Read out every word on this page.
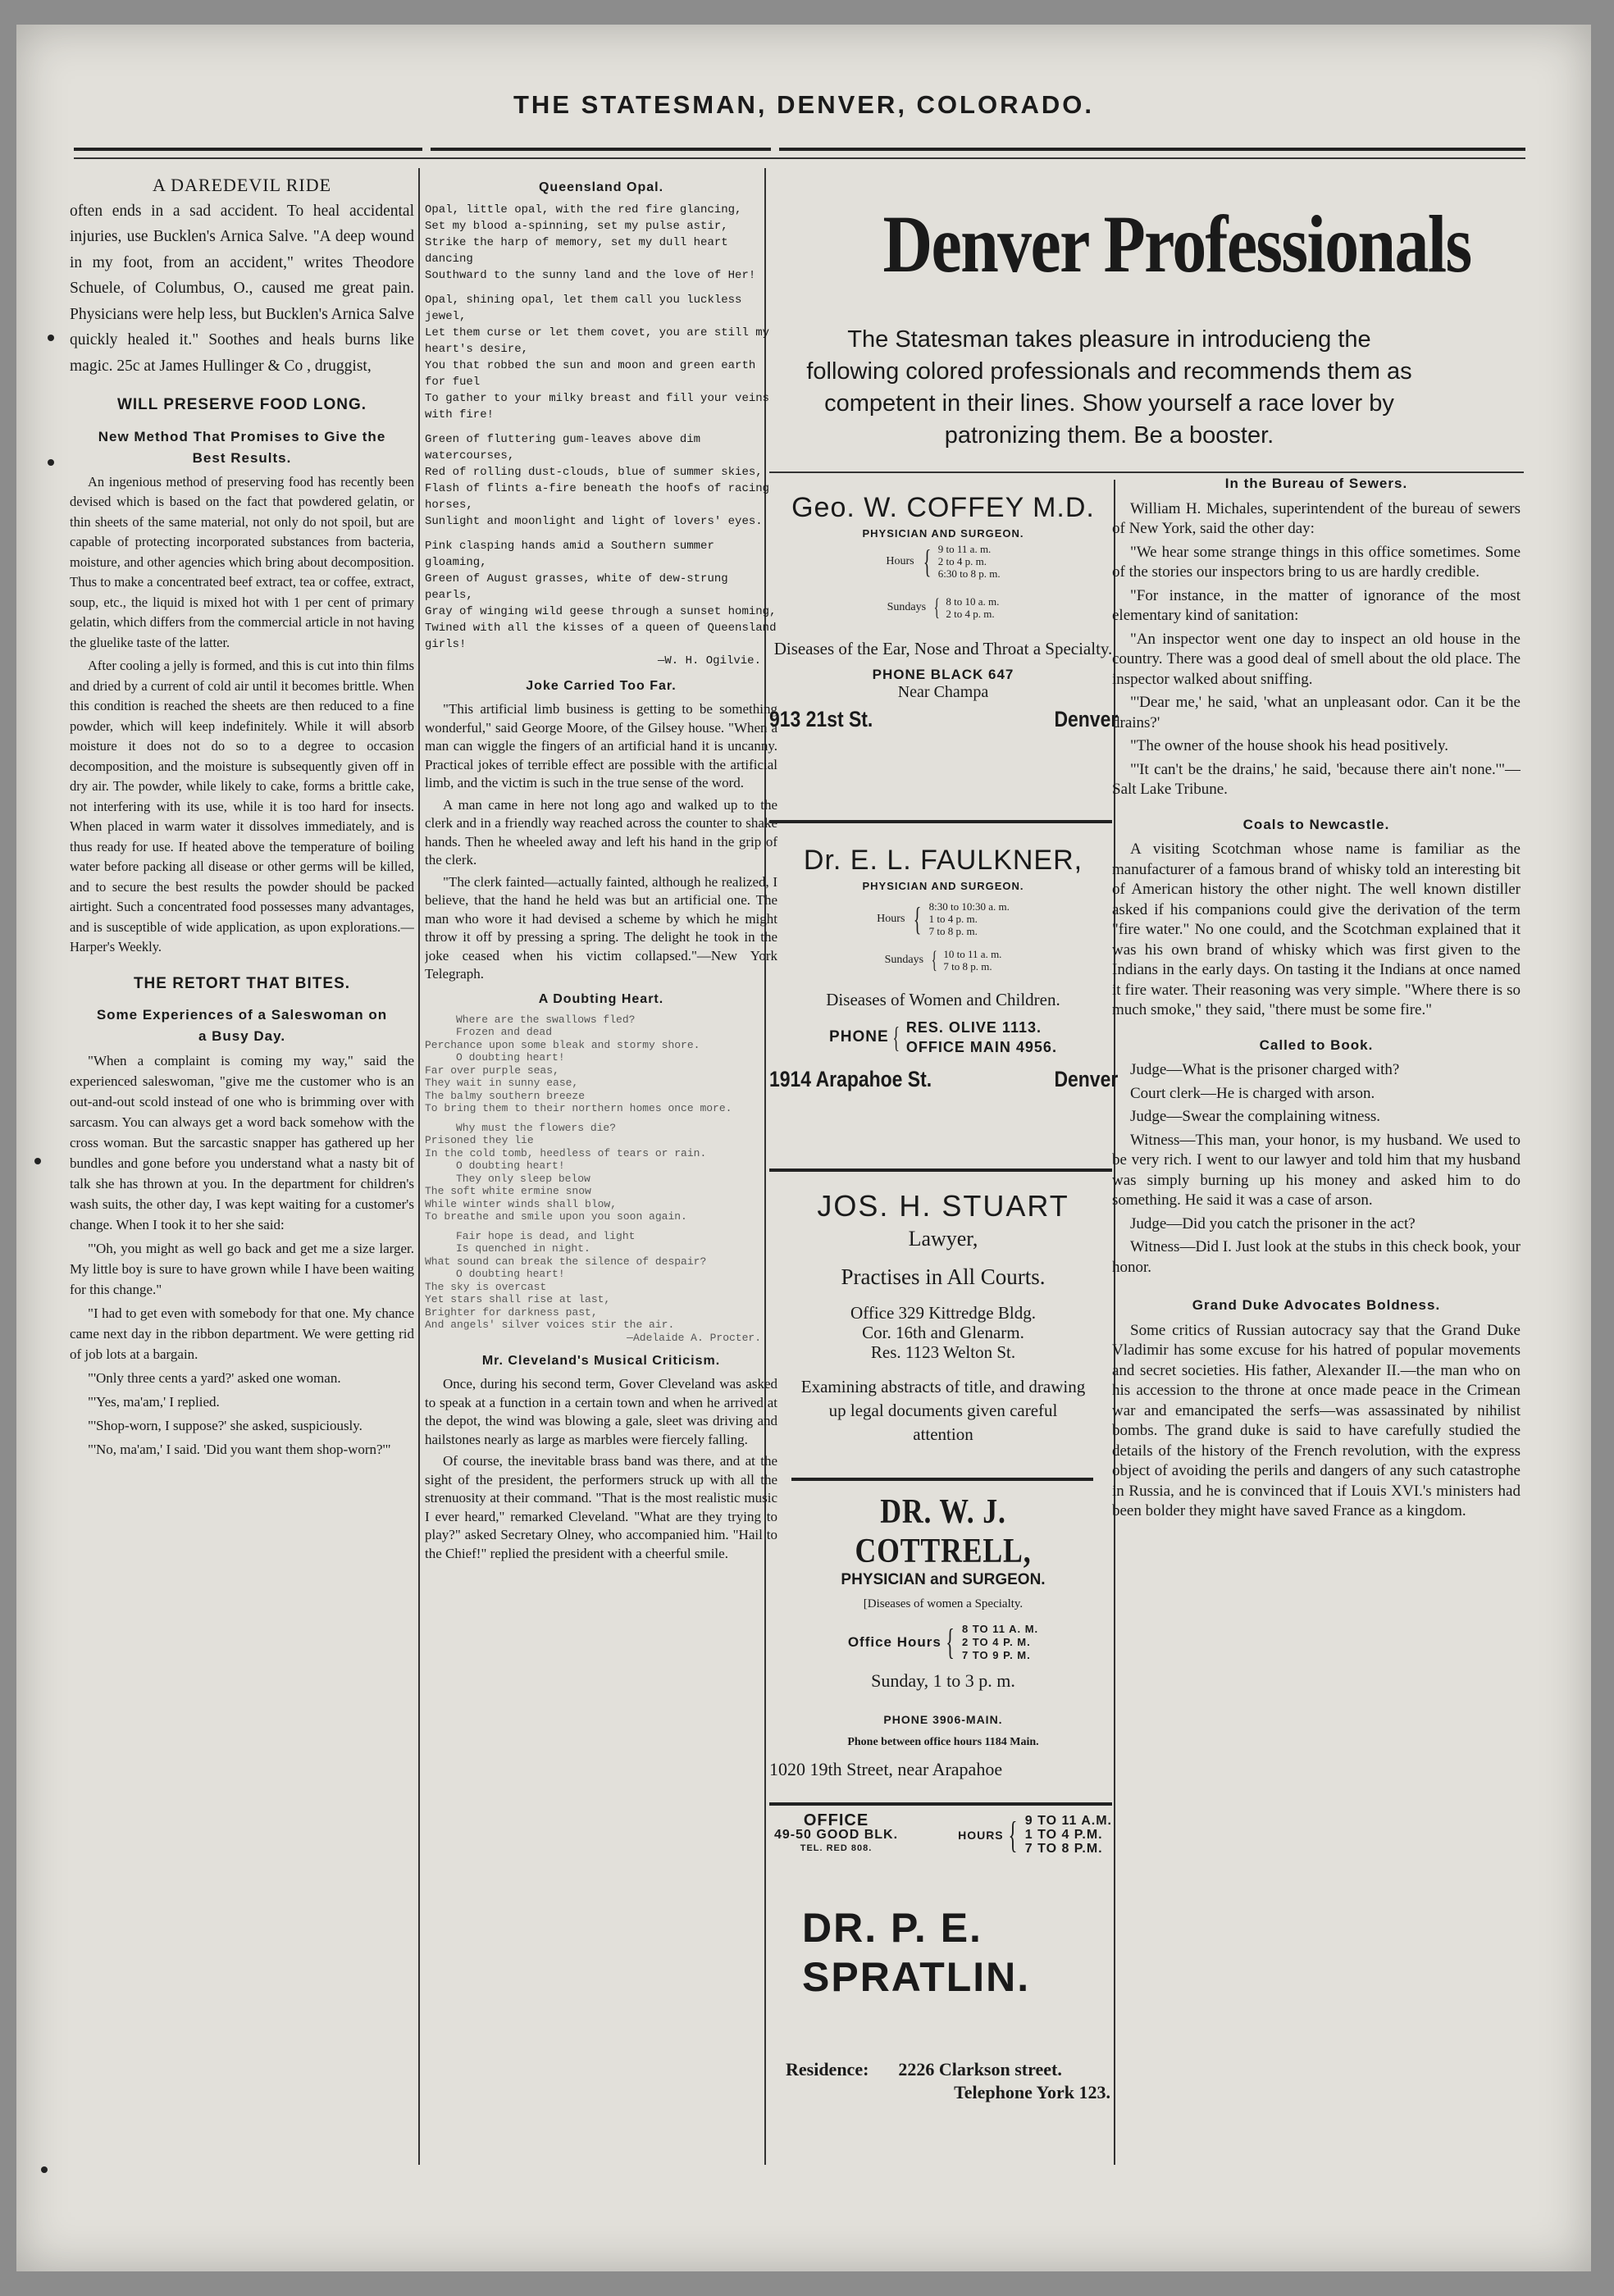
THE STATESMAN, DENVER, COLORADO.
A DAREDEVIL RIDE

often ends in a sad accident. To heal accidental injuries, use Bucklen's Arnica Salve. "A deep wound in my foot, from an accident," writes Theodore Schuele, of Columbus, O., caused me great pain. Physicians were help less, but Bucklen's Arnica Salve quickly healed it." Soothes and heals burns like magic. 25c at James Hullinger & Co , druggist,

WILL PRESERVE FOOD LONG.
New Method That Promises to Give the Best Results.

An ingenious method of preserving food has recently been devised which is based on the fact that powdered gelatin, or thin sheets of the same material, not only do not spoil, but are capable of protecting incorporated substances from bacteria, moisture, and other agencies which bring about decomposition. Thus to make a concentrated beef extract, tea or coffee, extract, soup, etc., the liquid is mixed hot with 1 per cent of primary gelatin, which differs from the commercial article in not having the gluelike taste of the latter.

After cooling a jelly is formed, and this is cut into thin films and dried by a current of cold air until it becomes brittle. When this condition is reached the sheets are then reduced to a fine powder, which will keep indefinitely. While it will absorb moisture it does not do so to a degree to occasion decomposition, and the moisture is subsequently given off in dry air. The powder, while likely to cake, forms a brittle cake, not interfering with its use, while it is too hard for insects. When placed in warm water it dissolves immediately, and is thus ready for use. If heated above the temperature of boiling water before packing all disease or other germs will be killed, and to secure the best results the powder should be packed airtight. Such a concentrated food possesses many advantages, and is susceptible of wide application, as upon explorations.—Harper's Weekly.

THE RETORT THAT BITES.
Some Experiences of a Saleswoman on a Busy Day.

"When a complaint is coming my way," said the experienced saleswoman, "give me the customer who is an out-and-out scold instead of one who is brimming over with sarcasm. You can always get a word back somehow with the cross woman. But the sarcastic snapper has gathered up her bundles and gone before you understand what a nasty bit of talk she has thrown at you. In the department for children's wash suits, the other day, I was kept waiting for a customer's change. When I took it to her she said:

"'Oh, you might as well go back and get me a size larger. My little boy is sure to have grown while I have been waiting for this change."

"I had to get even with somebody for that one. My chance came next day in the ribbon department. We were getting rid of job lots at a bargain.

"'Only three cents a yard?' asked one woman.

"'Yes, ma'am,' I replied.

"'Shop-worn, I suppose?' she asked, suspiciously.

"'No, ma'am,' I said. 'Did you want them shop-worn?'"

Queensland Opal.
Opal, little opal, with the red fire glancing,
Set my blood a-spinning, set my pulse astir,
Strike the harp of memory, set my dull heart dancing
Southward to the sunny land and the love of Her!
Opal, shining opal, let them call you luckless jewel,
Let them curse or let them covet, you are still my heart's desire,
You that robbed the sun and moon and green earth for fuel
To gather to your milky breast and fill your veins with fire!
Green of fluttering gum-leaves above dim watercourses,
Red of rolling dust-clouds, blue of summer skies,
Flash of flints a-fire beneath the hoofs of racing horses,
Sunlight and moonlight and light of lovers' eyes.
Pink clasping hands amid a Southern summer gloaming,
Green of August grasses, white of dew-strung pearls,
Gray of winging wild geese through a sunset homing,
Twined with all the kisses of a queen of Queensland girls!
—W. H. Ogilvie.
Joke Carried Too Far.

"This artificial limb business is getting to be something wonderful," said George Moore, of the Gilsey house. "When a man can wiggle the fingers of an artificial hand it is uncanny. Practical jokes of terrible effect are possible with the artificial limb, and the victim is such in the true sense of the word.

A man came in here not long ago and walked up to the clerk and in a friendly way reached across the counter to shake hands. Then he wheeled away and left his hand in the grip of the clerk.

"The clerk fainted—actually fainted, although he realized, I believe, that the hand he held was but an artificial one. The man who wore it had devised a scheme by which he might throw it off by pressing a spring. The delight he took in the joke ceased when his victim collapsed."—New York Telegraph.

A Doubting Heart.
Where are the swallows fled?
Frozen and dead
Perchance upon some bleak and stormy shore.
O doubting heart!
Far over purple seas,
They wait in sunny ease,
The balmy southern breeze
To bring them to their northern homes once more.
Why must the flowers die?
Prisoned they lie
In the cold tomb, heedless of tears or rain.
O doubting heart!
They only sleep below
The soft white ermine snow
While winter winds shall blow,
To breathe and smile upon you soon again.
Fair hope is dead, and light
Is quenched in night.
What sound can break the silence of despair?
O doubting heart!
The sky is overcast
Yet stars shall rise at last,
Brighter for darkness past,
And angels' silver voices stir the air.
—Adelaide A. Procter.
Mr. Cleveland's Musical Criticism.

Once, during his second term, Gover Cleveland was asked to speak at a function in a certain town and when he arrived at the depot, the wind was blowing a gale, sleet was driving and hailstones nearly as large as marbles were fiercely falling.

Of course, the inevitable brass band was there, and at the sight of the president, the performers struck up with all the strenuosity at their command. "That is the most realistic music I ever heard," remarked Cleveland. "What are they trying to play?" asked Secretary Olney, who accompanied him. "Hail to the Chief!" replied the president with a cheerful smile.

Denver Professionals
The Statesman takes pleasure in introducieng the following colored professionals and recommends them as competent in their lines. Show yourself a race lover by patronizing them. Be a booster.
Geo. W. COFFEY M.D.
PHYSICIAN AND SURGEON.
Hours { 9 to 11 a. m.
2 to 4 p. m.
6:30 to 8 p. m.
Sundays { 8 to 10 a. m.
2 to 4 p. m.
Diseases of the Ear, Nose and Throat a Specialty.
PHONE BLACK 647
Near Champa
913 21st St.	Denver
Dr. E. L. FAULKNER,
PHYSICIAN AND SURGEON.
Hours { 8:30 to 10:30 a. m.
1 to 4 p. m.
7 to 8 p. m.
Sundays { 10 to 11 a. m.
7 to 8 p. m.
Diseases of Women and Children.
PHONE { RES. OLIVE 1113.
OFFICE MAIN 4956.
1914 Arapahoe St.	Denver
JOS. H. STUART
Lawyer,
Practises in All Courts.
Office 329 Kittredge Bldg.
Cor. 16th and Glenarm.
Res. 1123 Welton St.
Examining abstracts of title, and drawing up legal documents given careful attention
DR. W. J. COTTRELL,
PHYSICIAN and SURGEON.
[Diseases of women a Specialty.
Office Hours { 8 TO 11 A. M.
2 TO 4 P. M.
7 TO 9 P. M.
Sunday, 1 to 3 p. m.
PHONE 3906-MAIN.
Phone between office hours 1184 Main.
1020 19th Street, near Arapahoe
OFFICE
49-50 GOOD BLK.
TEL. RED 808.
HOURS { 9 TO 11 A.M.
1 TO 4 P.M.
7 TO 8 P.M.
DR. P. E.
SPRATLIN.
Residence: 2226 Clarkson street.
Telephone York 123.
In the Bureau of Sewers.

William H. Michales, superintendent of the bureau of sewers of New York, said the other day:

"We hear some strange things in this office sometimes. Some of the stories our inspectors bring to us are hardly credible.

"For instance, in the matter of ignorance of the most elementary kind of sanitation:

"An inspector went one day to inspect an old house in the country. There was a good deal of smell about the old place. The inspector walked about sniffing.

"'Dear me,' he said, 'what an unpleasant odor. Can it be the drains?'

"The owner of the house shook his head positively.

"'It can't be the drains,' he said, 'because there ain't none.'"—Salt Lake Tribune.

Coals to Newcastle.

A visiting Scotchman whose name is familiar as the manufacturer of a famous brand of whisky told an interesting bit of American history the other night. The well known distiller asked if his companions could give the derivation of the term "fire water." No one could, and the Scotchman explained that it was his own brand of whisky which was first given to the Indians in the early days. On tasting it the Indians at once named it fire water. Their reasoning was very simple. "Where there is so much smoke," they said, "there must be some fire."

Called to Book.

Judge—What is the prisoner charged with?

Court clerk—He is charged with arson.

Judge—Swear the complaining witness.

Witness—This man, your honor, is my husband. We used to be very rich. I went to our lawyer and told him that my husband was simply burning up his money and asked him to do something. He said it was a case of arson.

Judge—Did you catch the prisoner in the act?

Witness—Did I. Just look at the stubs in this check book, your honor.

Grand Duke Advocates Boldness.

Some critics of Russian autocracy say that the Grand Duke Vladimir has some excuse for his hatred of popular movements and secret societies. His father, Alexander II.—the man who on his accession to the throne at once made peace in the Crimean war and emancipated the serfs—was assassinated by nihilist bombs. The grand duke is said to have carefully studied the details of the history of the French revolution, with the express object of avoiding the perils and dangers of any such catastrophe in Russia, and he is convinced that if Louis XVI.'s ministers had been bolder they might have saved France as a kingdom.
